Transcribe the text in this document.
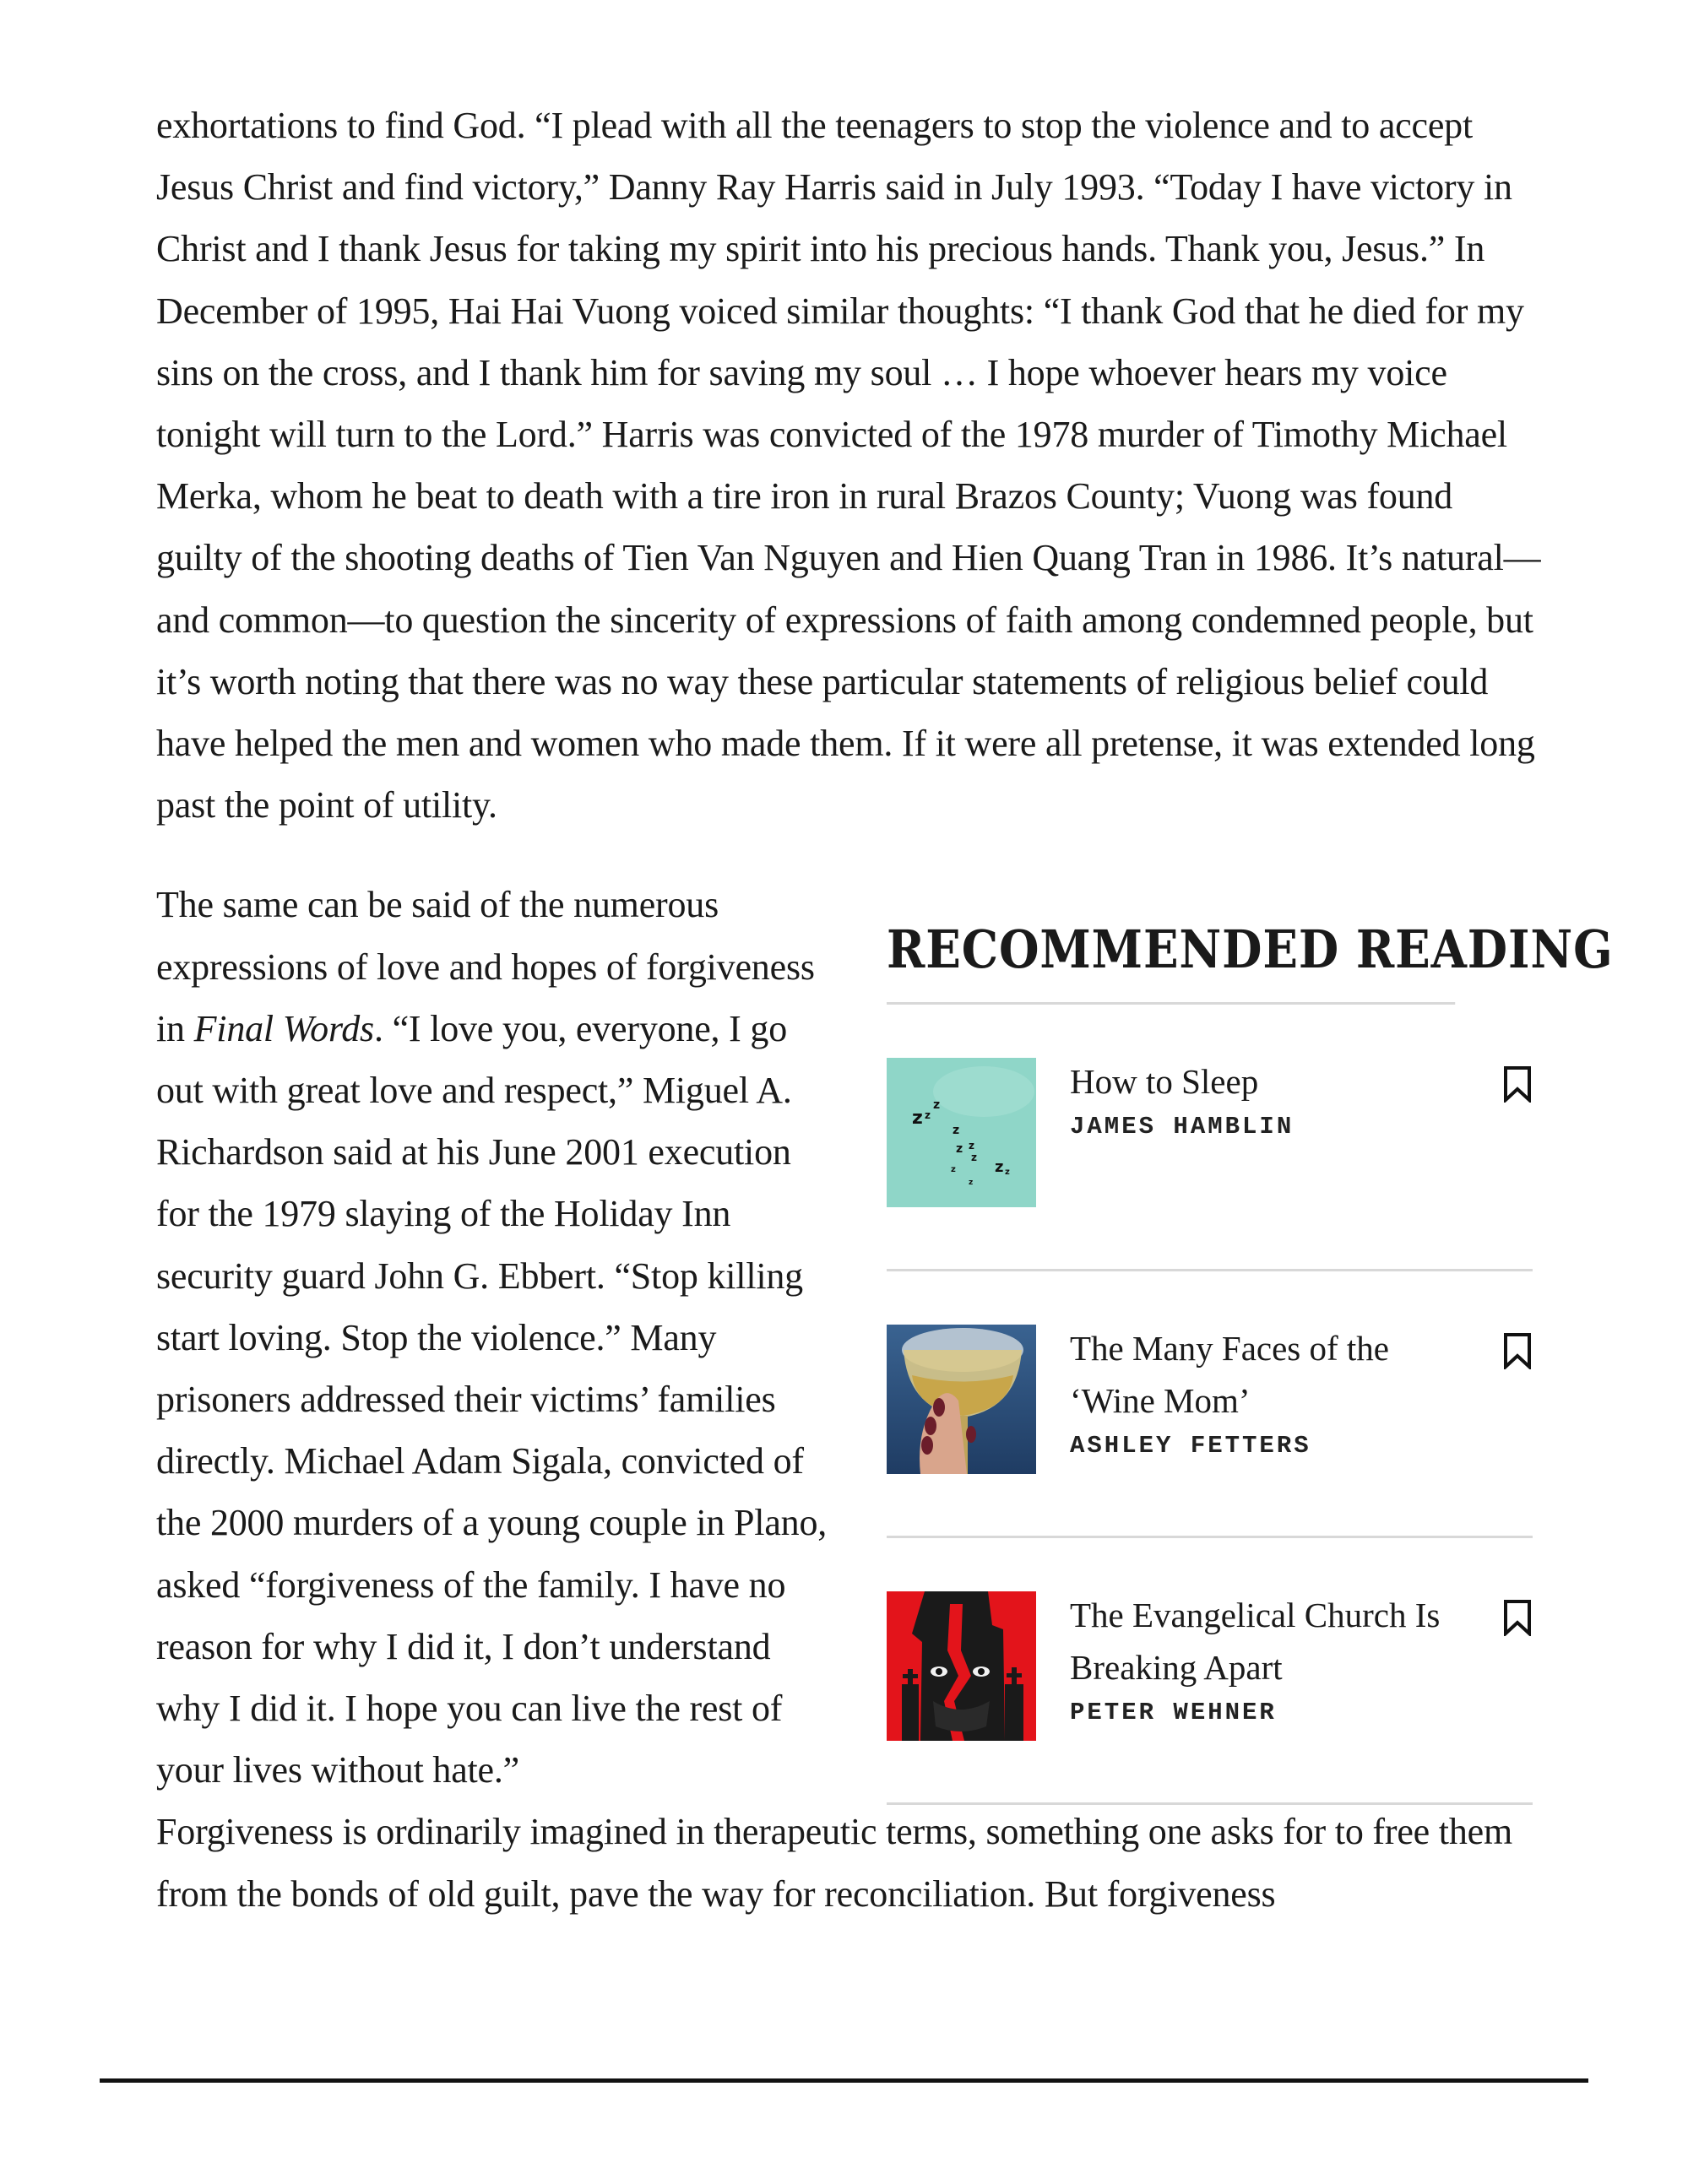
exhortations to find God. “I plead with all the teenagers to stop the violence and to accept Jesus Christ and find victory,” Danny Ray Harris said in July 1993. “Today I have victory in Christ and I thank Jesus for taking my spirit into his precious hands. Thank you, Jesus.” In December of 1995, Hai Hai Vuong voiced similar thoughts: “I thank God that he died for my sins on the cross, and I thank him for saving my soul … I hope whoever hears my voice tonight will turn to the Lord.” Harris was convicted of the 1978 murder of Timothy Michael Merka, whom he beat to death with a tire iron in rural Brazos County; Vuong was found guilty of the shooting deaths of Tien Van Nguyen and Hien Quang Tran in 1986. It’s natural—and common—to question the sincerity of expressions of faith among condemned people, but it’s worth noting that there was no way these particular statements of religious belief could have helped the men and women who made them. If it were all pretense, it was extended long past the point of utility.

The same can be said of the numerous expressions of love and hopes of forgiveness in Final Words. “I love you, everyone, I go out with great love and respect,” Miguel A. Richardson said at his June 2001 execution for the 1979 slaying of the Holiday Inn security guard John G. Ebbert. “Stop killing start loving. Stop the violence.” Many prisoners addressed their victims’ families directly. Michael Adam Sigala, convicted of the 2000 murders of a young couple in Plano, asked “forgiveness of the family. I have no reason for why I did it, I don’t understand why I did it. I hope you can live the rest of your lives without hate.”

Forgiveness is ordinarily imagined in therapeutic terms, something one asks for to free them from the bonds of old guilt, pave the way for reconciliation. But forgiveness

RECOMMENDED READING
z z
z
z
z z
z
z z
z
z

How to Sleep

JAMES HAMBLIN

The Many Faces of the ‘Wine Mom’

ASHLEY FETTERS

The Evangelical Church Is Breaking Apart

PETER WEHNER
